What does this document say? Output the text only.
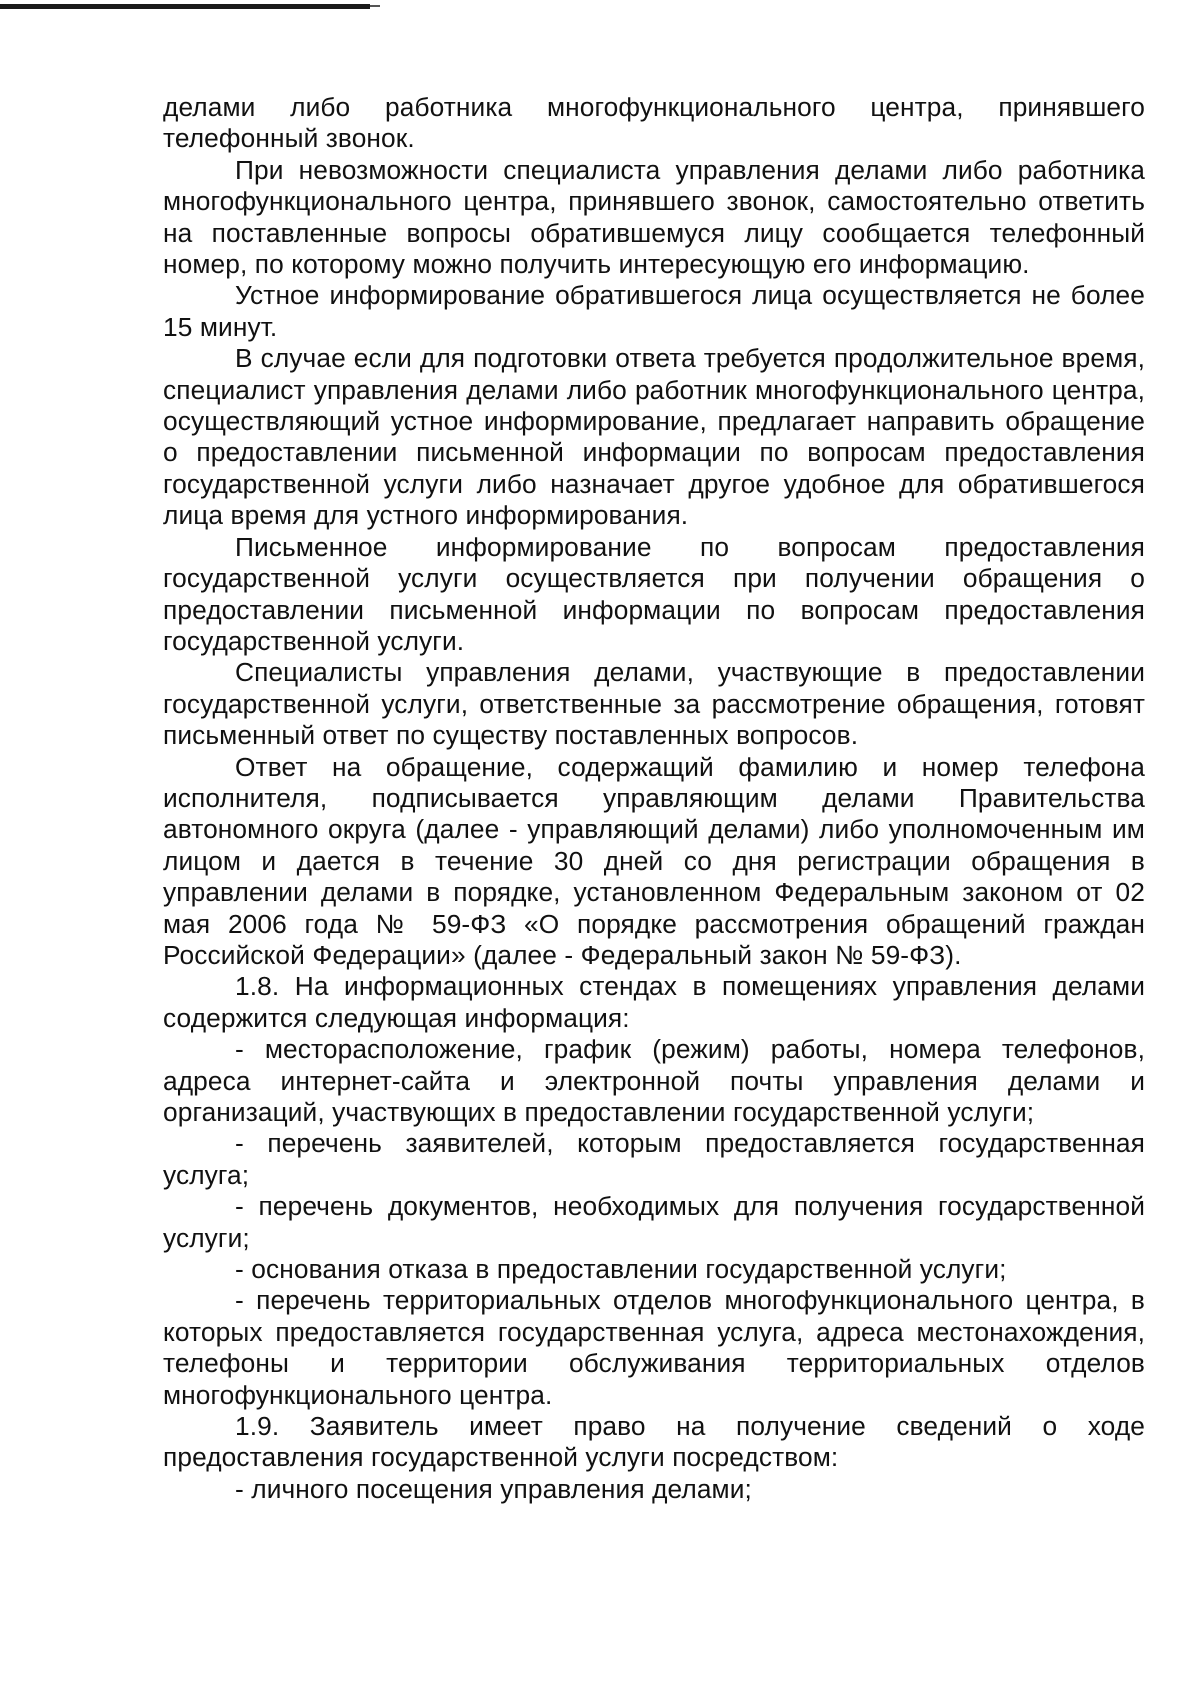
делами либо работника многофункционального центра, принявшего телефонный звонок.

При невозможности специалиста управления делами либо работника многофункционального центра, принявшего звонок, самостоятельно ответить на поставленные вопросы обратившемуся лицу сообщается телефонный номер, по которому можно получить интересующую его информацию.

Устное информирование обратившегося лица осуществляется не более 15 минут.

В случае если для подготовки ответа требуется продолжительное время, специалист управления делами либо работник многофункционального центра, осуществляющий устное информирование, предлагает направить обращение о предоставлении письменной информации по вопросам предоставления государственной услуги либо назначает другое удобное для обратившегося лица время для устного информирования.

Письменное информирование по вопросам предоставления государственной услуги осуществляется при получении обращения о предоставлении письменной информации по вопросам предоставления государственной услуги.

Специалисты управления делами, участвующие в предоставлении государственной услуги, ответственные за рассмотрение обращения, готовят письменный ответ по существу поставленных вопросов.

Ответ на обращение, содержащий фамилию и номер телефона исполнителя, подписывается управляющим делами Правительства автономного округа (далее - управляющий делами) либо уполномоченным им лицом и дается в течение 30 дней со дня регистрации обращения в управлении делами в порядке, установленном Федеральным законом от 02 мая 2006 года № 59-ФЗ «О порядке рассмотрения обращений граждан Российской Федерации» (далее - Федеральный закон № 59-ФЗ).

1.8. На информационных стендах в помещениях управления делами содержится следующая информация:

- месторасположение, график (режим) работы, номера телефонов, адреса интернет-сайта и электронной почты управления делами и организаций, участвующих в предоставлении государственной услуги;

- перечень заявителей, которым предоставляется государственная услуга;

- перечень документов, необходимых для получения государственной услуги;

- основания отказа в предоставлении государственной услуги;

- перечень территориальных отделов многофункционального центра, в которых предоставляется государственная услуга, адреса местонахождения, телефоны и территории обслуживания территориальных отделов многофункционального центра.

1.9. Заявитель имеет право на получение сведений о ходе предоставления государственной услуги посредством:

- личного посещения управления делами;
